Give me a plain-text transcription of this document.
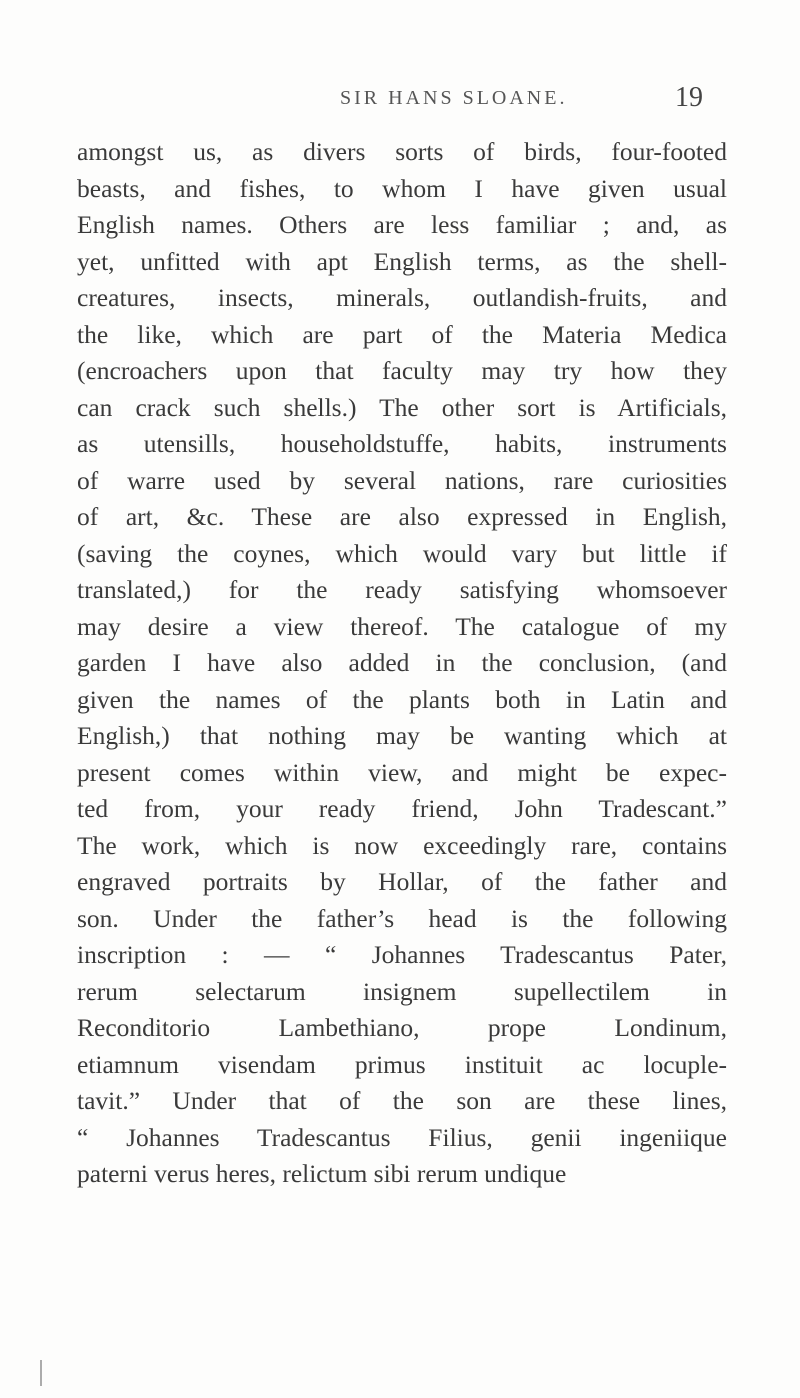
SIR HANS SLOANE.	19
amongst us, as divers sorts of birds, four-footed
beasts, and fishes, to whom I have given usual
English names. Others are less familiar ; and, as
yet, unfitted with apt English terms, as the shell-
creatures, insects, minerals, outlandish-fruits, and
the like, which are part of the Materia Medica
(encroachers upon that faculty may try how they
can crack such shells.) The other sort is Artificials,
as utensills, householdstuffe, habits, instruments
of warre used by several nations, rare curiosities
of art, &c. These are also expressed in English,
(saving the coynes, which would vary but little if
translated,) for the ready satisfying whomsoever
may desire a view thereof. The catalogue of my
garden I have also added in the conclusion, (and
given the names of the plants both in Latin and
English,) that nothing may be wanting which at
present comes within view, and might be expec-
ted from, your ready friend, John Tradescant.”
The work, which is now exceedingly rare, contains
engraved portraits by Hollar, of the father and
son. Under the father’s head is the following
inscription : — “ Johannes Tradescantus Pater,
rerum selectarum insignem supellectilem in
Reconditorio Lambethiano, prope Londinum,
etiamnum visendam primus instituit ac locuple-
tavit.” Under that of the son are these lines,
“ Johannes Tradescantus Filius, genii ingeniique
paterni verus heres, relictum sibi rerum undique
